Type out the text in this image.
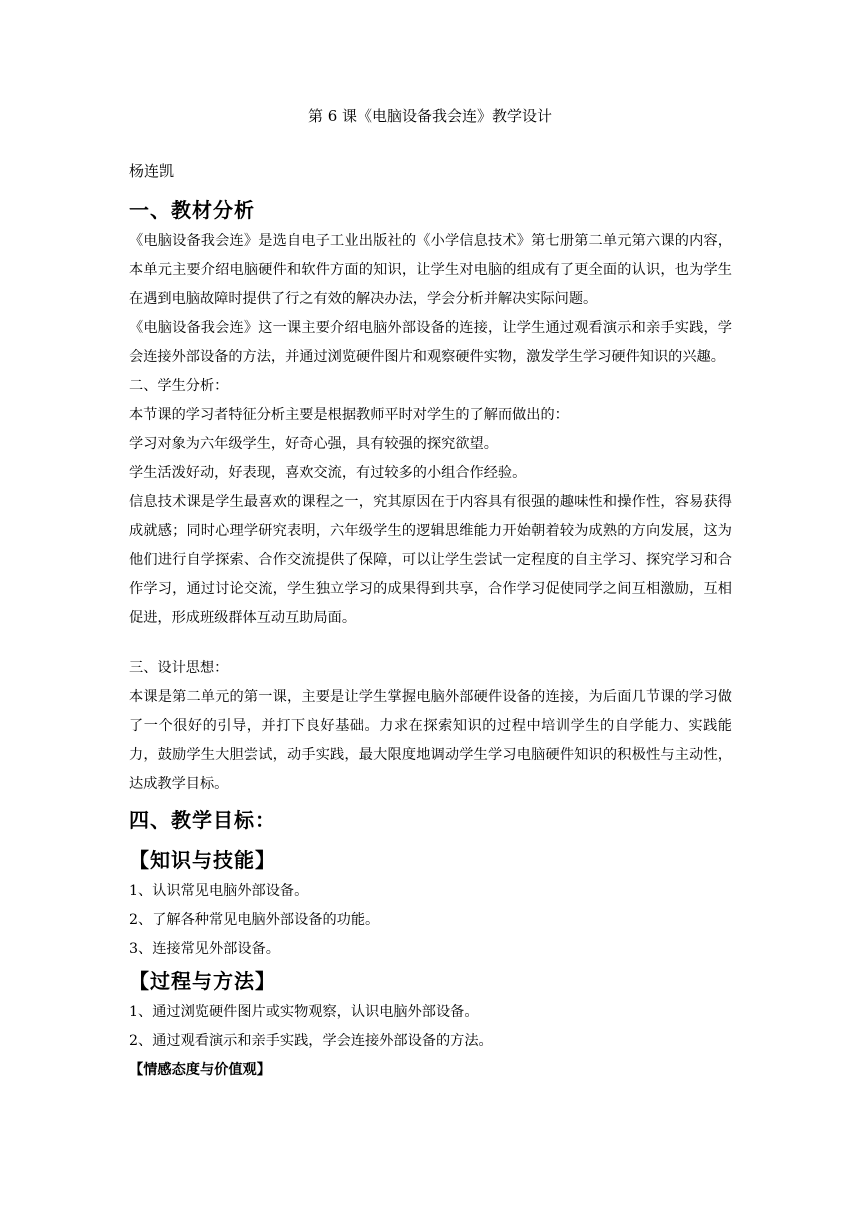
第 6 课《电脑设备我会连》教学设计
杨连凯
一、教材分析

《电脑设备我会连》是选自电子工业出版社的《小学信息技术》第七册第二单元第六课的内容，本单元主要介绍电脑硬件和软件方面的知识，让学生对电脑的组成有了更全面的认识，也为学生在遇到电脑故障时提供了行之有效的解决办法，学会分析并解决实际问题。

《电脑设备我会连》这一课主要介绍电脑外部设备的连接，让学生通过观看演示和亲手实践，学会连接外部设备的方法，并通过浏览硬件图片和观察硬件实物，激发学生学习硬件知识的兴趣。

二、学生分析：

本节课的学习者特征分析主要是根据教师平时对学生的了解而做出的：

学习对象为六年级学生，好奇心强，具有较强的探究欲望。

学生活泼好动，好表现，喜欢交流，有过较多的小组合作经验。

信息技术课是学生最喜欢的课程之一，究其原因在于内容具有很强的趣味性和操作性，容易获得成就感；同时心理学研究表明，六年级学生的逻辑思维能力开始朝着较为成熟的方向发展，这为他们进行自学探索、合作交流提供了保障，可以让学生尝试一定程度的自主学习、探究学习和合作学习，通过讨论交流，学生独立学习的成果得到共享，合作学习促使同学之间互相激励，互相促进，形成班级群体互动互助局面。

三、设计思想：

本课是第二单元的第一课，主要是让学生掌握电脑外部硬件设备的连接，为后面几节课的学习做了一个很好的引导，并打下良好基础。力求在探索知识的过程中培训学生的自学能力、实践能力，鼓励学生大胆尝试，动手实践，最大限度地调动学生学习电脑硬件知识的积极性与主动性，达成教学目标。

四、教学目标：
【知识与技能】

1、认识常见电脑外部设备。

2、了解各种常见电脑外部设备的功能。

3、连接常见外部设备。

【过程与方法】

1、通过浏览硬件图片或实物观察，认识电脑外部设备。

2、通过观看演示和亲手实践，学会连接外部设备的方法。

【情感态度与价值观】
